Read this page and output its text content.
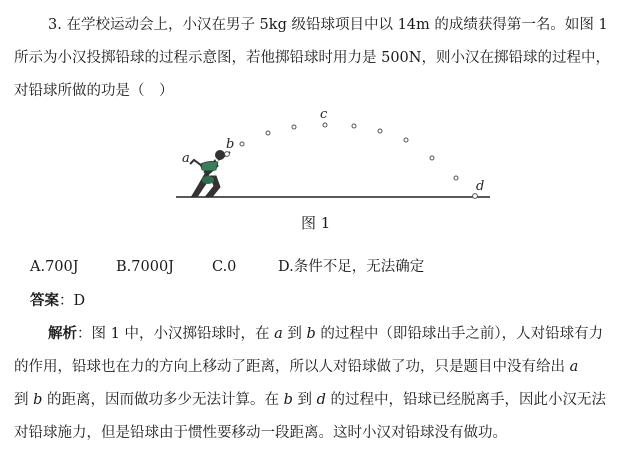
3. 在学校运动会上，小汉在男子 5kg 级铅球项目中以 14m 的成绩获得第一名。如图 1
所示为小汉投掷铅球的过程示意图，若他掷铅球时用力是 500N，则小汉在掷铅球的过程中，
对铅球所做的功是（　）
a
b
c
d
图 1
A.700J	B.7000J	C.0	D.条件不足，无法确定
答案：D
解析：图 1 中，小汉掷铅球时，在 a 到 b 的过程中（即铅球出手之前），人对铅球有力
的作用，铅球也在力的方向上移动了距离，所以人对铅球做了功，只是题目中没有给出 a
到 b 的距离，因而做功多少无法计算。在 b 到 d 的过程中，铅球已经脱离手，因此小汉无法
对铅球施力，但是铅球由于惯性要移动一段距离。这时小汉对铅球没有做功。
